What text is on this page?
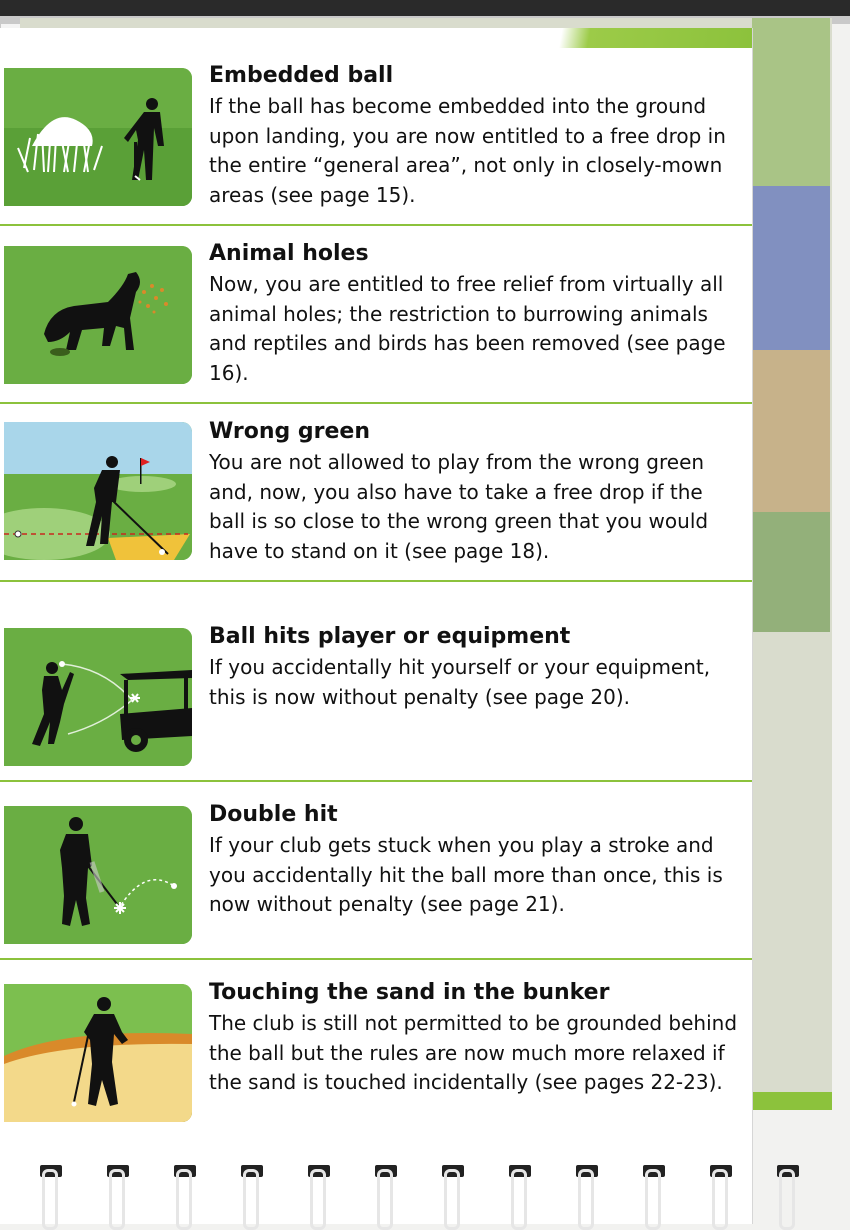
Embedded ball

If the ball has become embedded into the ground upon landing, you are now entitled to a free drop in the entire “general area”, not only in closely-mown areas (see page 15).

Animal holes

Now, you are entitled to free relief from virtually all animal holes; the restriction to burrowing animals and reptiles and birds has been removed (see page 16).

Wrong green

You are not allowed to play from the wrong green and, now, you also have to take a free drop if the ball is so close to the wrong green that you would have to stand on it (see page 18).

Ball hits player or equipment

If you accidentally hit yourself or your equipment, this is now without penalty (see page 20).

Double hit

If your club gets stuck when you play a stroke and you accidentally hit the ball more than once, this is now without penalty (see page 21).

Touching the sand in the bunker

The club is still not permitted to be grounded behind the ball but the rules are now much more relaxed if the sand is touched incidentally (see pages 22-23).
